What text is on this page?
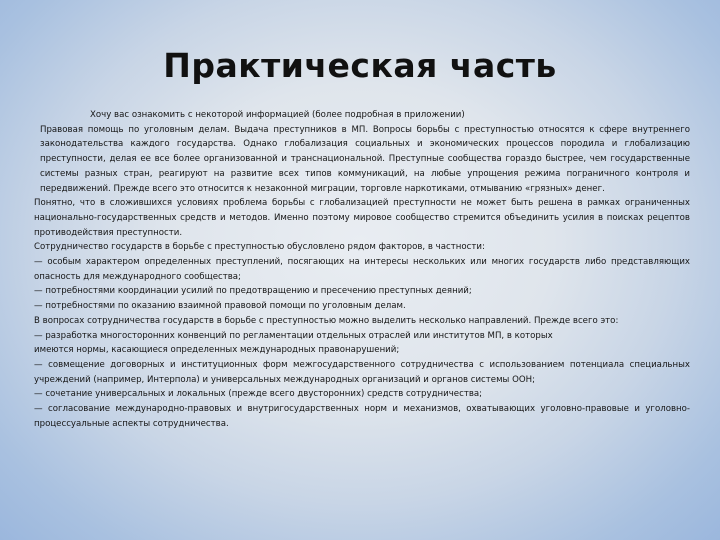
Практическая часть

Хочу вас ознакомить с некоторой информацией (более подробная в приложении)

Правовая помощь по уголовным делам. Выдача преступников в МП. Вопросы борьбы с преступностью относятся к сфере внутреннего законодательства каждого государства. Однако глобализация социальных и экономических процессов породила и глобализацию преступности, делая ее все более организованной и транснациональной. Преступные сообщества гораздо быстрее, чем государственные системы разных стран, реагируют на развитие всех типов коммуникаций, на любые упрощения режима пограничного контроля и передвижений. Прежде всего это относится к незаконной миграции, торговле наркотиками, отмыванию «грязных» денег.

Понятно, что в сложившихся условиях проблема борьбы с глобализацией преступности не может быть решена в рамках ограниченных национально-государственных средств и методов. Именно поэтому мировое сообщество стремится объединить усилия в поисках рецептов противодействия преступности.

Сотрудничество государств в борьбе с преступностью обусловлено рядом факторов, в частности:

— особым характером определенных преступлений, посягающих на интересы нескольких или многих государств либо представляющих опасность для международного сообщества;

— потребностями координации усилий по предотвращению и пресечению преступных деяний;

— потребностями по оказанию взаимной правовой помощи по уголовным делам.

В вопросах сотрудничества государств в борьбе с преступностью можно выделить несколько направлений. Прежде всего это:

— разработка многосторонних конвенций по регламентации отдельных отраслей или институтов МП, в которых

имеются нормы, касающиеся определенных международных правонарушений;

— совмещение договорных и институционных форм межгосударственного сотрудничества с использованием потенциала специальных учреждений (например, Интерпола) и универсальных международных организаций и органов системы ООН;

— сочетание универсальных и локальных (прежде всего двусторонних) средств сотрудничества;

— согласование международно-правовых и внутригосударственных норм и механизмов, охватывающих уголовно-правовые и уголовно-процессуальные аспекты сотрудничества.
